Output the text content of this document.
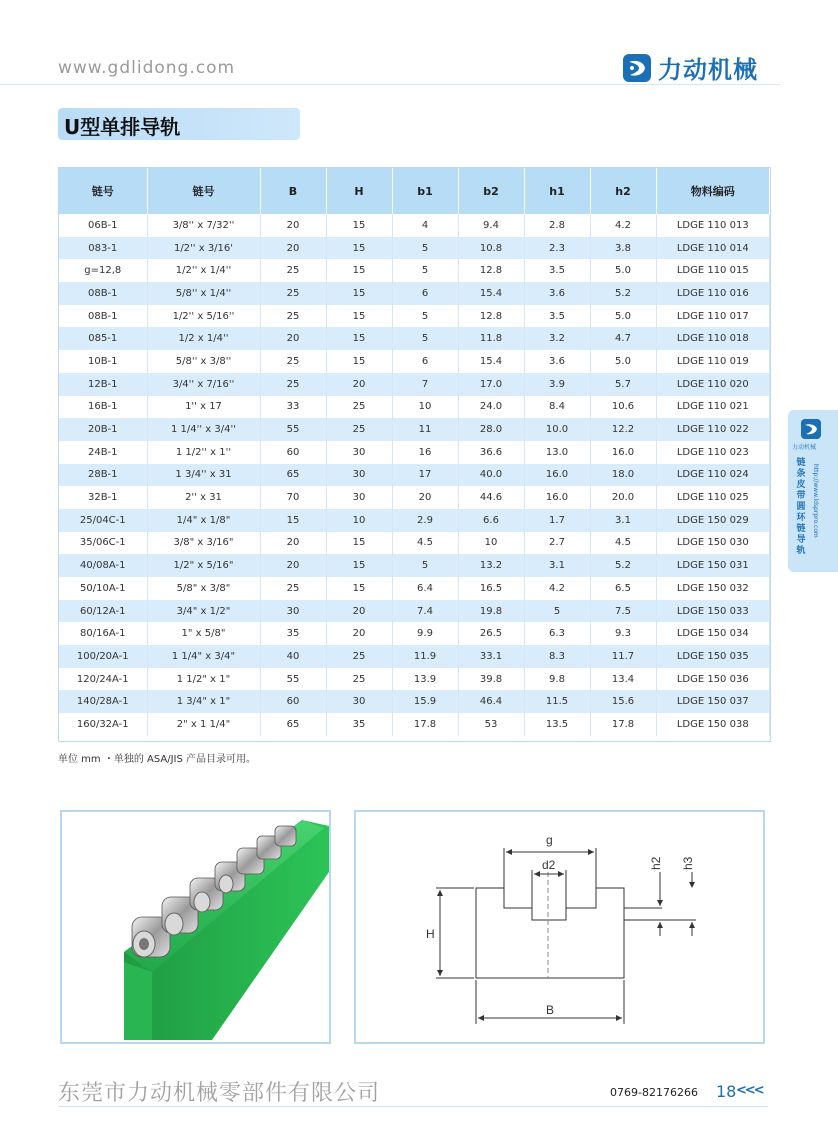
www.gdlidong.com	力动机械
U型单排导轨
链号	链号	B	H	b1	b2	h1	h2	物料编码
06B-1	3/8'' x 7/32''	20	15	4	9.4	2.8	4.2	LDGE 110 013
083-1	1/2'' x 3/16'	20	15	5	10.8	2.3	3.8	LDGE 110 014
g=12,8	1/2'' x 1/4''	25	15	5	12.8	3.5	5.0	LDGE 110 015
08B-1	5/8'' x 1/4''	25	15	6	15.4	3.6	5.2	LDGE 110 016
08B-1	1/2'' x 5/16''	25	15	5	12.8	3.5	5.0	LDGE 110 017
085-1	1/2 x 1/4''	20	15	5	11.8	3.2	4.7	LDGE 110 018
10B-1	5/8'' x 3/8''	25	15	6	15.4	3.6	5.0	LDGE 110 019
12B-1	3/4'' x 7/16''	25	20	7	17.0	3.9	5.7	LDGE 110 020
16B-1	1'' x 17	33	25	10	24.0	8.4	10.6	LDGE 110 021
20B-1	1 1/4'' x 3/4''	55	25	11	28.0	10.0	12.2	LDGE 110 022
24B-1	1 1/2'' x 1''	60	30	16	36.6	13.0	16.0	LDGE 110 023
28B-1	1 3/4'' x 31	65	30	17	40.0	16.0	18.0	LDGE 110 024
32B-1	2'' x 31	70	30	20	44.6	16.0	20.0	LDGE 110 025
25/04C-1	1/4" x 1/8"	15	10	2.9	6.6	1.7	3.1	LDGE 150 029
35/06C-1	3/8" x 3/16"	20	15	4.5	10	2.7	4.5	LDGE 150 030
40/08A-1	1/2" x 5/16"	20	15	5	13.2	3.1	5.2	LDGE 150 031
50/10A-1	5/8" x 3/8"	25	15	6.4	16.5	4.2	6.5	LDGE 150 032
60/12A-1	3/4" x 1/2"	30	20	7.4	19.8	5	7.5	LDGE 150 033
80/16A-1	1" x 5/8"	35	20	9.9	26.5	6.3	9.3	LDGE 150 034
100/20A-1	1 1/4" x 3/4"	40	25	11.9	33.1	8.3	11.7	LDGE 150 035
120/24A-1	1 1/2" x 1"	55	25	13.9	39.8	9.8	13.4	LDGE 150 036
140/28A-1	1 3/4" x 1"	60	30	15.9	46.4	11.5	15.6	LDGE 150 037
160/32A-1	2" x 1 1/4"	65	35	17.8	53	13.5	17.8	LDGE 150 038
单位 mm ・单独的 ASA/JIS 产品目录可用。
g
d2
H
B
h2 h3
力动机械
链条 皮带 圆环链导轨
http://www.ldsprpro.com
东莞市力动机械零部件有限公司	0769-82176266 18 <<<
